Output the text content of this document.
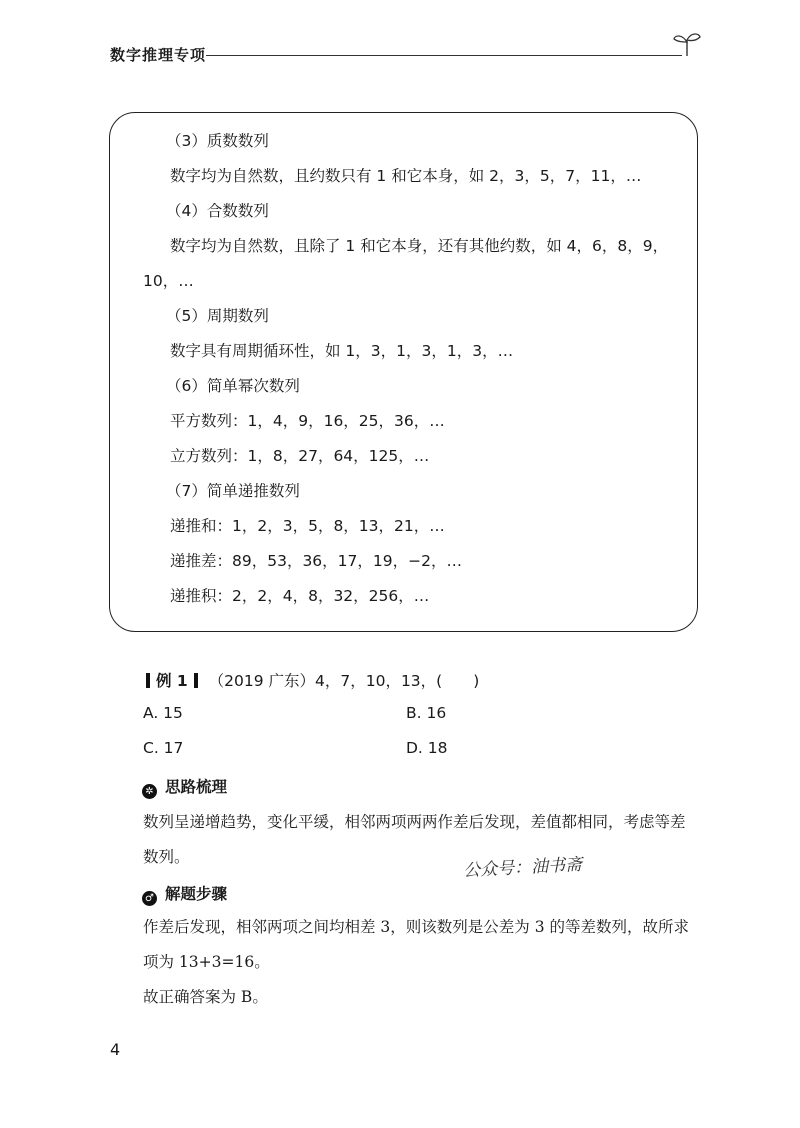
数字推理专项
（3）质数数列
数字均为自然数，且约数只有 1 和它本身，如 2，3，5，7，11，…
（4）合数数列
数字均为自然数，且除了 1 和它本身，还有其他约数，如 4，6，8，9，
10，…
（5）周期数列
数字具有周期循环性，如 1，3，1，3，1，3，…
（6）简单幂次数列
平方数列：1，4，9，16，25，36，…
立方数列：1，8，27，64，125，…
（7）简单递推数列
递推和：1，2，3，5，8，13，21，…
递推差：89，53，36，17，19，−2，…
递推积：2，2，4，8，32，256，…
例 1 （2019 广东）4，7，10，13，(　　)
A. 15	B. 16
C. 17	D. 18
✲ 思路梳理
数列呈递增趋势，变化平缓，相邻两项两两作差后发现，差值都相同，考虑等差
数列。	公众号：油书斋
♂ 解题步骤
作差后发现，相邻两项之间均相差 3，则该数列是公差为 3 的等差数列，故所求
项为 13+3=16。
故正确答案为 B。
4
